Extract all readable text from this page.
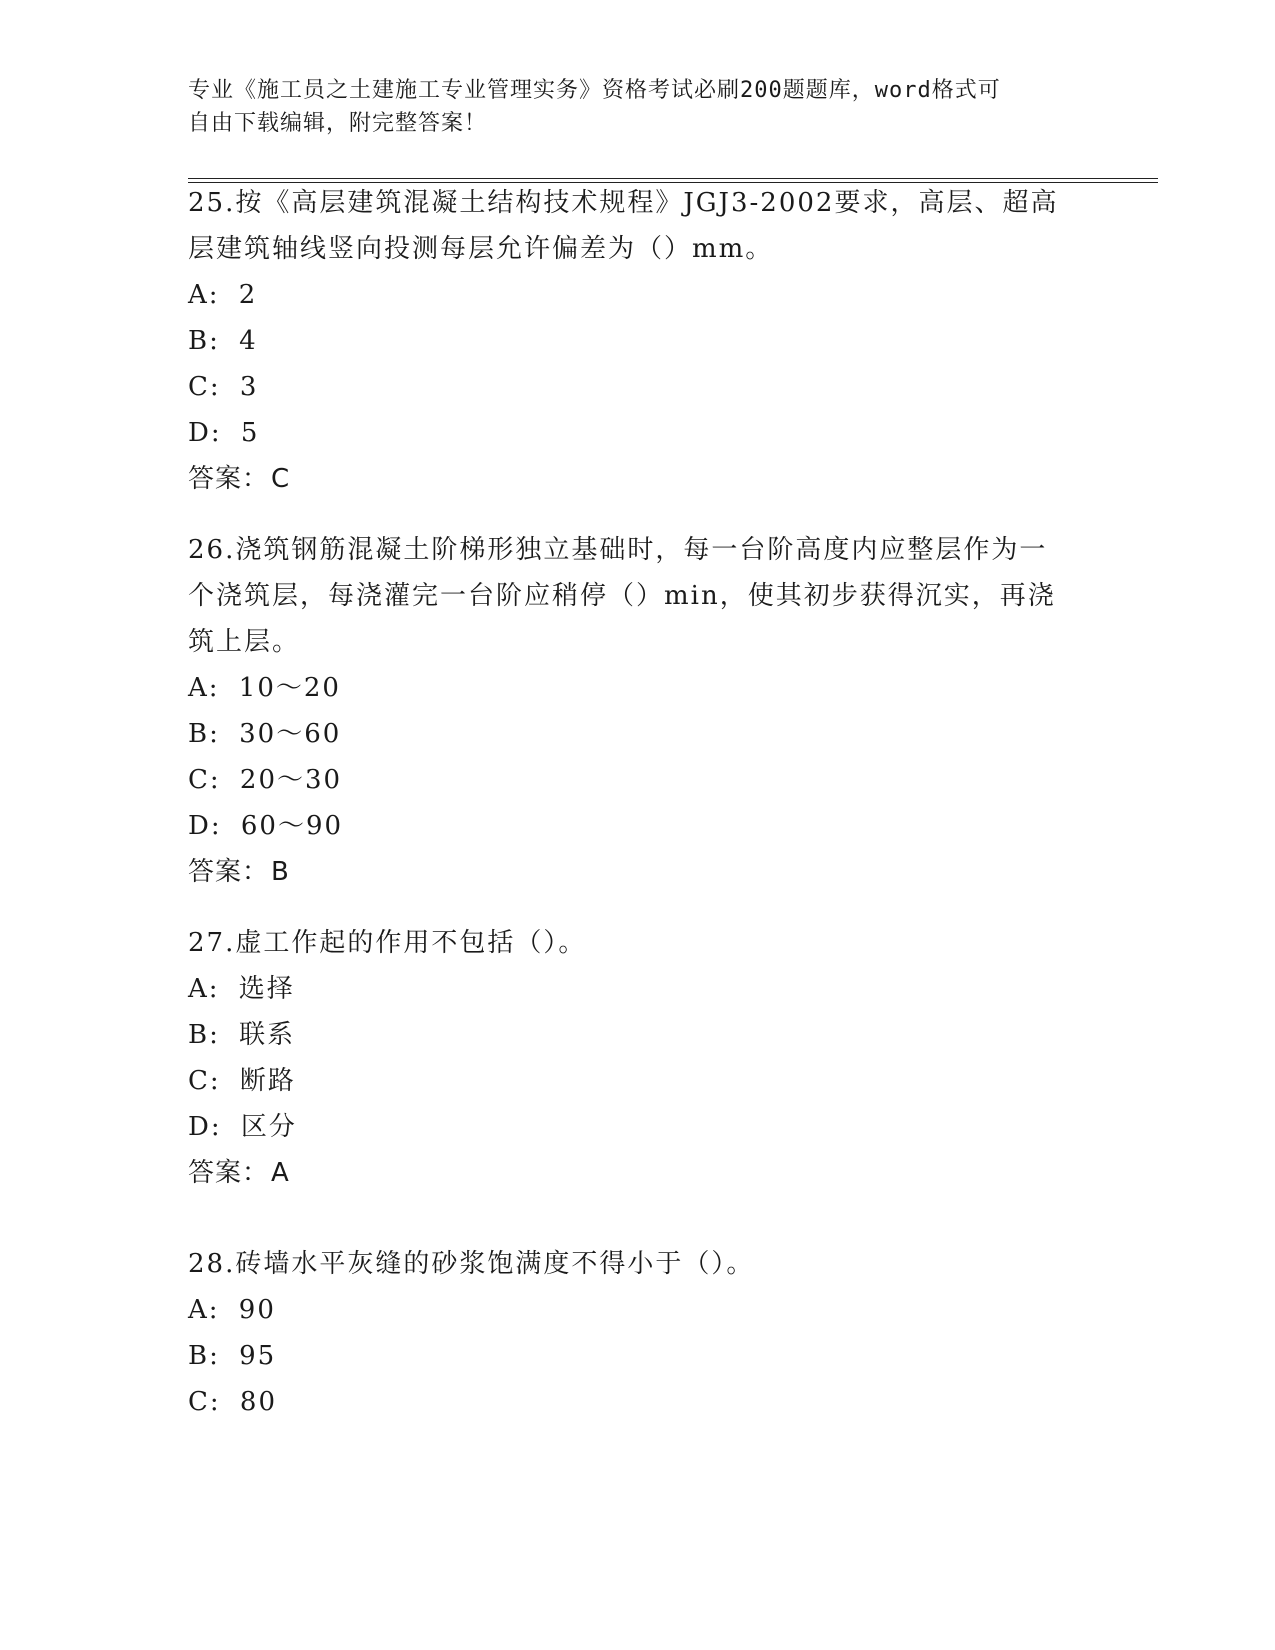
专业《施工员之土建施工专业管理实务》资格考试必刷200题题库，word格式可
自由下载编辑，附完整答案！
25.按《高层建筑混凝土结构技术规程》JGJ3-2002要求，高层、超高
层建筑轴线竖向投测每层允许偏差为（）mm。
A : 2
B : 4
C : 3
D : 5
答案： C
26.浇筑钢筋混凝土阶梯形独立基础时，每一台阶高度内应整层作为一
个浇筑层，每浇灌完一台阶应稍停（）min，使其初步获得沉实，再浇
筑上层。
A : 10～20
B : 30～60
C : 20～30
D : 60～90
答案： B
27.虚工作起的作用不包括（）。
A : 选择
B : 联系
C : 断路
D : 区分
答案： A
28.砖墙水平灰缝的砂浆饱满度不得小于（）。
A : 90
B : 95
C : 80
